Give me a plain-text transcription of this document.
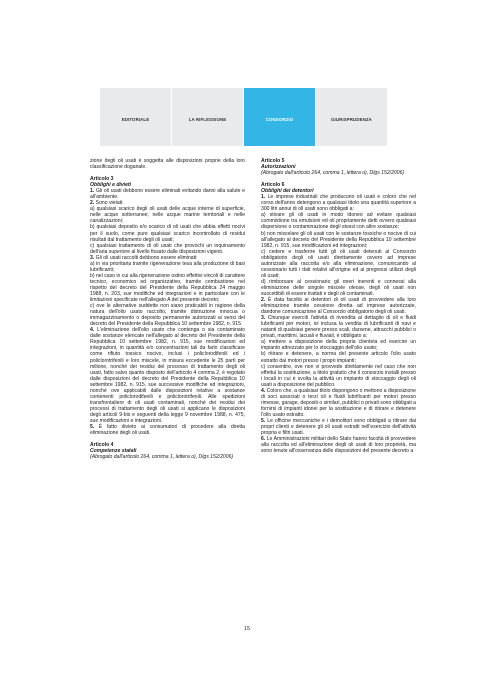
EDITORIALE	LA RIFLESSIONE	CONSORZIO	GIURISPRUDENZA

zione degli oli usati è soggetta alle disposizioni proprie della loro classificazione doganale.

Articolo 3

Obblighi e divieti

1. Gli oli usati debbono essere eliminati evitando danni alla salute e all'ambiente.

2. Sono vietati:

a) qualsiasi scarico degli oli usati delle acque interne di superficie, nelle acque sotterranee, nelle acque marine territoriali e nelle canalizzazioni;

b) qualsiasi deposito e/o scarico di oli usati che abbia effetti nocivi per il suolo, come pure qualsiasi scarico incontrollato di residui risultati dal trattamento degli oli usati;

c) qualsiasi trattamento di oli usati che provochi un inquinamento dell'aria superiore al livello fissato dalle disposizioni vigenti.

3. Gli oli usati raccolti debbono essere eliminati:

a) in via prioritaria tramite rigenerazione tesa alla produzione di basi lubrificanti;

b) nel caso in cui alla rigenerazione ostino effettivi vincoli di carattere tecnico, economico ed organizzativo, tramite combustione nel rispetto del decreto del Presidente della Repubblica 24 maggio 1988, n. 203, sue modifiche ed integrazioni e in particolare con le limitazioni specificate nell'allegato A del presente decreto;

c) ove le alternative suddette non siano praticabili in ragione della natura dell'olio usato raccolto, tramite distruzione innocua o immagazzinamento o deposito permanente autorizzati ai sensi del decreto del Presidente della Repubblica 10 settembre 1982, n. 915.

4. L'eliminazione dell'olio usato che contenga o sia contaminato dalle sostanze elencate nell'allegato al decreto del Presidente della Repubblica 10 settembre 1982, n. 915, sue modificazioni ed integrazioni, in quantità e/o concentrazioni tali da farlo classificare come rifiuto tossico nocivo, inclusi i policlorodifenili ed i policlorotrifenili e loro miscele, in misura eccedente le 25 parti per milione, nonché dei residui del processo di trattamento degli oli usati, fatto salvo quanto disposto dell'articolo 4 comma 2, è regolato dalle disposizioni del decreto del Presidente della Repubblica 10 settembre 1982, n. 915, sue successive modifiche ed integrazioni, nonché ove applicabili dalle disposizioni relative a sostanze contenenti policlorodifenili e policlorotrifenili. Alle spedizioni transfrontaliere di oli usati contaminati, nonché dei residui dei processi di trattamento degli oli usati si applicano le disposizioni degli articoli 9-bis e seguenti della legge 9 novembre 1988, n. 475, sue modificazioni e integrazioni.

5. È fatto divieto ai consumatori di procedere alla diretta eliminazione degli oli usati.

Articolo 4

Competenze statali

(Abrogato dall'articolo 264, comma 1, lettera o), Dlgs 152/2006)

Articolo 5

Autorizzazioni

(Abrogato dall'articolo 264, comma 1, lettera o), Dlgs 152/2006)

Articolo 6

Obblighi dei detentori

1. Le imprese industriali che producono oli usati e coloro che nel corso dell'anno detengono a qualsiasi titolo una quantità superiore a 300 litri annui di oli usati sono obbligati a:

a) stivare gli oli usati in modo idoneo ad evitare qualsiasi commistione tra emulsioni ed oli propriamente detti ovvero qualsiasi dispersione o contaminazione degli stessi con altre sostanze;

b) non miscelare gli oli usati con le sostanze tossiche o nocive di cui all'allegato al decreto del Presidente della Repubblica 10 settembre 1982, n. 915, sue modificazioni ed integrazioni;

c) cedere e trasferire tutti gli oli usati detenuti al Consorzio obbligatorio degli oli usati direttamente ovvero ad imprese autorizzate alla raccolta e/o alla eliminazione, comunicando al cessionario tutti i dati relativi all'origine ed ai pregressi utilizzi degli oli usati;

d) rimborsare al cessionario gli oneri inerenti e connessi alla eliminazione delle singole miscele oleose, degli oli usati non suscettibili di essere trattati e degli oli contaminati.

2. È data facoltà ai detentori di oli usati di provvedere alla loro eliminazione tramite cessione diretta ad imprese autorizzate, dandone comunicazione al Consorzio obbligatorio degli oli usati.

3. Chiunque eserciti l'attività di rivendita al dettaglio di oli e fluidi lubrificanti per motori, ivi inclusa la vendita di lubrificanti di navi e natanti di qualsiasi genere presso scali, darsene, attracchi pubblici o privati, marittimi, lacuali e fluviali, è obbligato a:

a) mettere a disposizione della propria clientela ed esercire un impianto attrezzato per lo stoccaggio dell'olio usato;

b) ritirare e detenere, a norma del presente articolo l'olio usato estratto dai motori presso i propri impianti;

c) consentire, ove non vi provvede direttamente nel caso che non effettui la sostituzione, a titolo gratuito che il consorzio installi presso i locali in cui è svolta la attività un impianto di stoccaggio degli oli usati a disposizione del pubblico.

4. Coloro che, a qualsiasi titolo dispongono o mettono a disposizione di soci associati o terzi oli e fluidi lubrificanti per motori presso rimesse, garage, depositi o similari, pubblici o privati sono obbligati a fornirsi di impianti idonei per la sostituzione e di ritirare e detenere l'olio usato estratto.

5. Le officine meccaniche e i demolitori sono obbligati a ritirare dai propri clienti e detenere gli oli usati estratti nell'esercizio dell'attività propria e filtri usati.

6. Le Amministrazioni militari dello Stato hanno facoltà di provvedere alla raccolta ed all'eliminazione degli oli usati di loro proprietà, ma sono tenute all'osservanza delle disposizioni del presente decreto a

15
